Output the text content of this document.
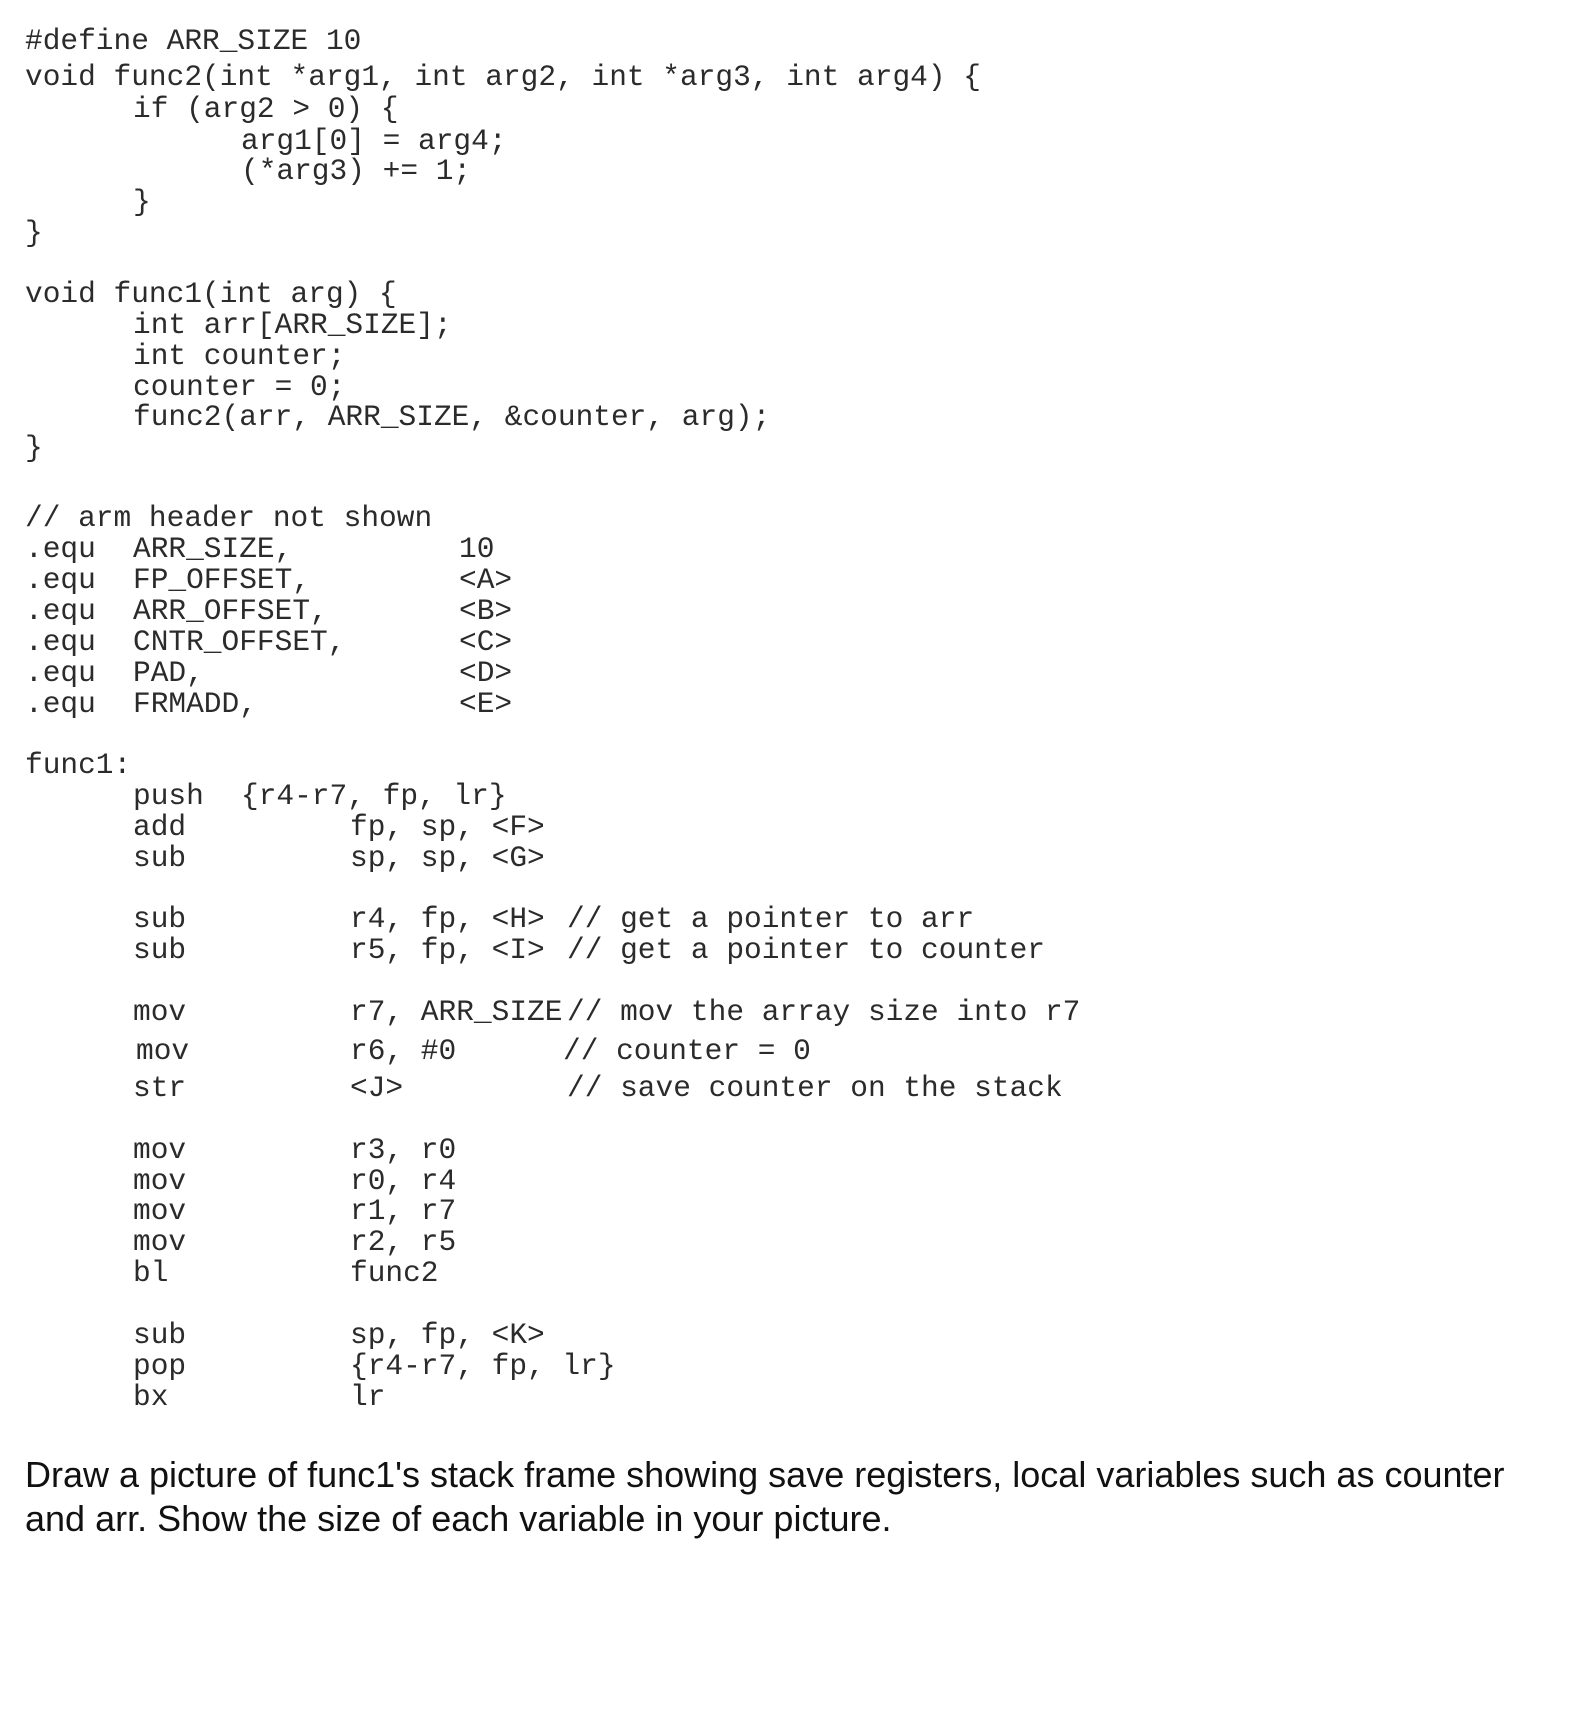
#define ARR_SIZE 10
void func2(int *arg1, int arg2, int *arg3, int arg4) {
if (arg2 > 0) {
arg1[0] = arg4;
(*arg3) += 1;
}
}
void func1(int arg) {
int arr[ARR_SIZE];
int counter;
counter = 0;
func2(arr, ARR_SIZE, &counter, arg);
}
// arm header not shown
.equ ARR_SIZE,	10
.equ FP_OFFSET,	<A>
.equ ARR_OFFSET,	<B>
.equ CNTR_OFFSET,	<C>
.equ PAD,	<D>
.equ FRMADD,	<E>
func1:
push {r4-r7, fp, lr}
add	fp, sp, <F>
sub	sp, sp, <G>
sub	r4, fp, <H> // get a pointer to arr
sub	r5, fp, <I> // get a pointer to counter
mov	r7, ARR_SIZE // mov the array size into r7
mov	r6, #0	// counter = 0
str	<J>	// save counter on the stack
mov	r3, r0
mov	r0, r4
mov	r1, r7
mov	r2, r5
bl	func2
sub	sp, fp, <K>
pop	{r4-r7, fp, lr}
bx	lr
Draw a picture of func1's stack frame showing save registers, local variables such as counter
and arr. Show the size of each variable in your picture.
